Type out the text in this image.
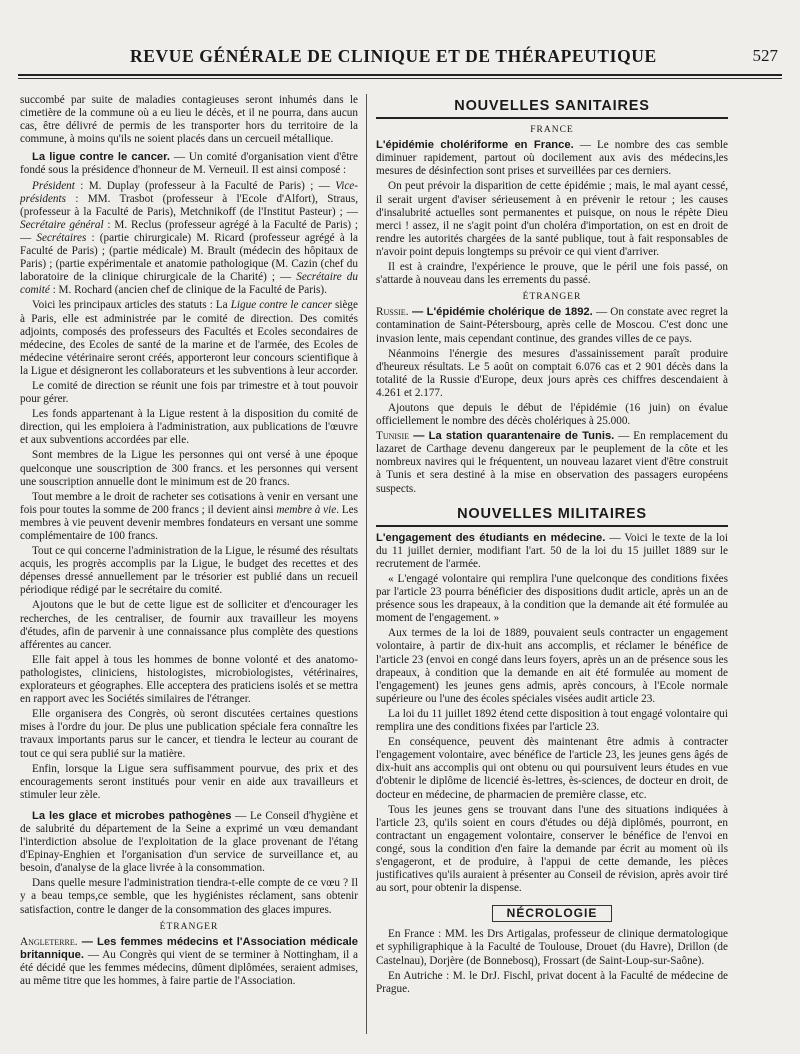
REVUE GÉNÉRALE DE CLINIQUE ET DE THÉRAPEUTIQUE	527

succombé par suite de maladies contagieuses seront inhumés dans le cimetière de la commune où a eu lieu le décès, et il ne pourra, dans aucun cas, être délivré de permis de les transporter hors du territoire de la commune, à moins qu'ils ne soient placés dans un cercueil métallique.

La ligue contre le cancer. — Un comité d'organisation vient d'être fondé sous la présidence d'honneur de M. Verneuil. Il est ainsi composé :

Président : M. Duplay (professeur à la Faculté de Paris) ; — Vice-présidents : MM. Trasbot (professeur à l'Ecole d'Alfort), Straus, (professeur à la Faculté de Paris), Metchnikoff (de l'Institut Pasteur) ; — Secrétaire général : M. Reclus (professeur agrégé à la Faculté de Paris) ; — Secrétaires : (partie chirurgicale) M. Ricard (professeur agrégé à la Faculté de Paris) ; (partie médicale) M. Brault (médecin des hôpitaux de Paris) ; (partie expérimentale et anatomie pathologique (M. Cazin (chef du laboratoire de la clinique chirurgicale de la Charité) ; — Secrétaire du comité : M. Rochard (ancien chef de clinique de la Faculté de Paris).

Voici les principaux articles des statuts : La Ligue contre le cancer siège à Paris, elle est administrée par le comité de direction. Des comités adjoints, composés des professeurs des Facultés et Ecoles secondaires de médecine, des Ecoles de santé de la marine et de l'armée, des Ecoles de médecine vétérinaire seront créés, apporteront leur concours scientifique à la Ligue et désigneront les collaborateurs et les subventions à leur accorder.

Le comité de direction se réunit une fois par trimestre et à tout pouvoir pour gérer.

Les fonds appartenant à la Ligue restent à la disposition du comité de direction, qui les emploiera à l'administration, aux publications de l'œuvre et aux subventions accordées par elle.

Sont membres de la Ligue les personnes qui ont versé à une époque quelconque une souscription de 300 francs. et les personnes qui versent une souscription annuelle dont le minimum est de 20 francs.

Tout membre a le droit de racheter ses cotisations à venir en versant une fois pour toutes la somme de 200 francs ; il devient ainsi membre à vie. Les membres à vie peuvent devenir membres fondateurs en versant une somme complémentaire de 100 francs.

Tout ce qui concerne l'administration de la Ligue, le résumé des résultats acquis, les progrès accomplis par la Ligue, le budget des recettes et des dépenses dressé annuellement par le trésorier est publié dans un recueil périodique rédigé par le secrétaire du comité.

Ajoutons que le but de cette ligue est de solliciter et d'encourager les recherches, de les centraliser, de fournir aux travailleur les moyens d'études, afin de parvenir à une connaissance plus complète des questions afférentes au cancer.

Elle fait appel à tous les hommes de bonne volonté et des anatomo-pathologistes, cliniciens, histologistes, microbiologistes, vétérinaires, explorateurs et géographes. Elle acceptera des praticiens isolés et se mettra en rapport avec les Sociétés similaires de l'étranger.

Elle organisera des Congrès, où seront discutées certaines questions mises à l'ordre du jour. De plus une publication spéciale fera connaître les travaux importants parus sur le cancer, et tiendra le lecteur au courant de tout ce qui sera publié sur la matière.

Enfin, lorsque la Ligue sera suffisamment pourvue, des prix et des encouragements seront institués pour venir en aide aux travailleurs et stimuler leur zèle.

La les glace et microbes pathogènes — Le Conseil d'hygiène et de salubrité du département de la Seine a exprimé un vœu demandant l'interdiction absolue de l'exploitation de la glace provenant de l'étang d'Epinay-Enghien et l'organisation d'un service de surveillance et, au besoin, d'analyse de la glace livrée à la consommation.

Dans quelle mesure l'administration tiendra-t-elle compte de ce vœu ? Il y a beau temps,ce semble, que les hygiénistes réclament, sans obtenir satisfaction, contre le danger de la consommation des glaces impures.

ÉTRANGER

Angleterre. — Les femmes médecins et l'Association médicale britannique. — Au Congrès qui vient de se terminer à Nottingham, il a été décidé que les femmes médecins, dûment diplômées, seraient admises, au même titre que les hommes, à faire partie de l'Association.

NOUVELLES SANITAIRES
FRANCE

L'épidémie cholériforme en France. — Le nombre des cas semble diminuer rapidement, partout où docilement aux avis des médecins,les mesures de désinfection sont prises et surveillées par ces derniers.

On peut prévoir la disparition de cette épidémie ; mais, le mal ayant cessé, il serait urgent d'aviser sérieusement à en prévenir le retour ; les causes d'insalubrité actuelles sont permanentes et puisque, on nous le répète Dieu merci ! assez, il ne s'agit point d'un choléra d'importation, on est en droit de rendre les autorités chargées de la santé publique, tout à fait responsables de n'avoir point depuis longtemps su prévoir ce qui vient d'arriver.

Il est à craindre, l'expérience le prouve, que le péril une fois passé, on s'attarde à nouveau dans les errements du passé.

ÉTRANGER

Russie. — L'épidémie cholérique de 1892. — On constate avec regret la contamination de Saint-Pétersbourg, après celle de Moscou. C'est donc une invasion lente, mais cependant continue, des grandes villes de ce pays.

Néanmoins l'énergie des mesures d'assainissement paraît produire d'heureux résultats. Le 5 août on comptait 6.076 cas et 2 901 décès dans la totalité de la Russie d'Europe, deux jours après ces chiffres descendaient à 4.261 et 2.177.

Ajoutons que depuis le début de l'épidémie (16 juin) on évalue officiellement le nombre des décès cholériques à 25.000.

Tunisie — La station quarantenaire de Tunis. — En remplacement du lazaret de Carthage devenu dangereux par le peuplement de la côte et les nombreux navires qui le fréquentent, un nouveau lazaret vient d'être construit à Tunis et sera destiné à la mise en observation des passagers européens suspects.

NOUVELLES MILITAIRES

L'engagement des étudiants en médecine. — Voici le texte de la loi du 11 juillet dernier, modifiant l'art. 50 de la loi du 15 juillet 1889 sur le recrutement de l'armée.

« L'engagé volontaire qui remplira l'une quelconque des conditions fixées par l'article 23 pourra bénéficier des dispositions dudit article, après un an de présence sous les drapeaux, à la condition que la demande ait été formulée au moment de l'engagement. »

Aux termes de la loi de 1889, pouvaient seuls contracter un engagement volontaire, à partir de dix-huit ans accomplis, et réclamer le bénéfice de l'article 23 (envoi en congé dans leurs foyers, après un an de présence sous les drapeaux, à condition que la demande en ait été formulée au moment de l'engagement) les jeunes gens admis, après concours, à l'Ecole normale supérieure ou l'une des écoles spéciales visées audit article 23.

La loi du 11 juillet 1892 étend cette disposition à tout engagé volontaire qui remplira une des conditions fixées par l'article 23.

En conséquence, peuvent dès maintenant être admis à contracter l'engagement volontaire, avec bénéfice de l'article 23, les jeunes gens âgés de dix-huit ans accomplis qui ont obtenu ou qui poursuivent leurs études en vue d'obtenir le diplôme de licencié ès-lettres, ès-sciences, de docteur en droit, de docteur en médecine, de pharmacien de première classe, etc.

Tous les jeunes gens se trouvant dans l'une des situations indiquées à l'article 23, qu'ils soient en cours d'études ou déjà diplômés, pourront, en contractant un engagement volontaire, conserver le bénéfice de l'envoi en congé, sous la condition d'en faire la demande par écrit au moment où ils s'engageront, et de produire, à l'appui de cette demande, les pièces justificatives qu'ils auraient à présenter au Conseil de révision, après avoir tiré au sort, pour obtenir la dispense.

NÉCROLOGIE

En France : MM. les Drs Artigalas, professeur de clinique dermatologique et syphiligraphique à la Faculté de Toulouse, Drouet (du Havre), Drillon (de Castelnau), Dorjère (de Bonnebosq), Frossart (de Saint-Loup-sur-Saône).

En Autriche : M. le DrJ. Fischl, privat docent à la Faculté de médecine de Prague.
